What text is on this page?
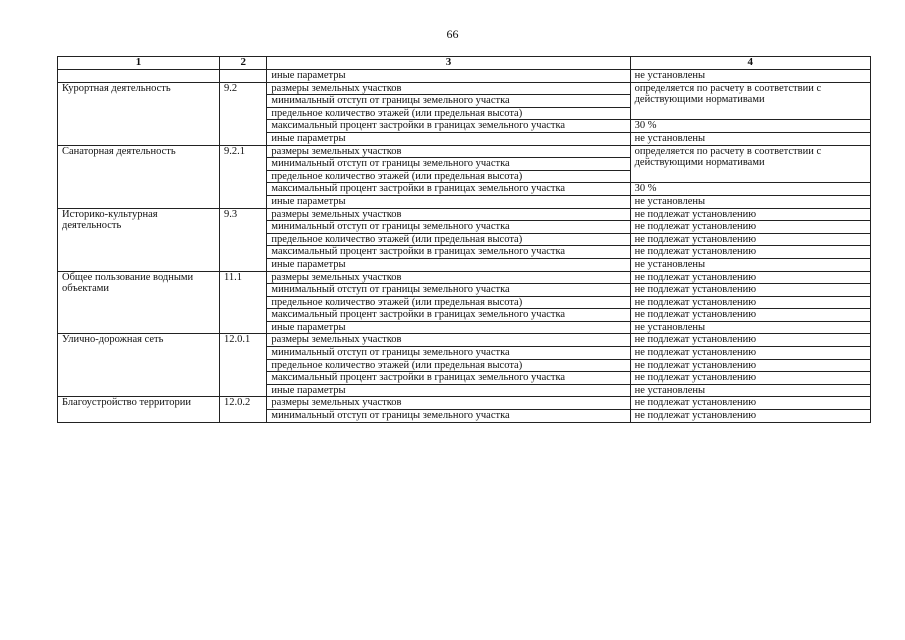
66
1	2	3	4
		иные параметры	не установлены
Курортная деятельность	9.2	размеры земельных участков	определяется по расчету в соответствии с действующими нормативами
		минимальный отступ от границы земельного участка	
		предельное количество этажей (или предельная высота)	
		максимальный процент застройки в границах земельного участка	30 %
		иные параметры	не установлены
Санаторная деятельность	9.2.1	размеры земельных участков	определяется по расчету в соответствии с действующими нормативами
		минимальный отступ от границы земельного участка	
		предельное количество этажей (или предельная высота)	
		максимальный процент застройки в границах земельного участка	30 %
		иные параметры	не установлены
Историко-культурная деятельность	9.3	размеры земельных участков	не подлежат установлению
		минимальный отступ от границы земельного участка	не подлежат установлению
		предельное количество этажей (или предельная высота)	не подлежат установлению
		максимальный процент застройки в границах земельного участка	не подлежат установлению
		иные параметры	не установлены
Общее пользование водными объектами	11.1	размеры земельных участков	не подлежат установлению
		минимальный отступ от границы земельного участка	не подлежат установлению
		предельное количество этажей (или предельная высота)	не подлежат установлению
		максимальный процент застройки в границах земельного участка	не подлежат установлению
		иные параметры	не установлены
Улично-дорожная сеть	12.0.1	размеры земельных участков	не подлежат установлению
		минимальный отступ от границы земельного участка	не подлежат установлению
		предельное количество этажей (или предельная высота)	не подлежат установлению
		максимальный процент застройки в границах земельного участка	не подлежат установлению
		иные параметры	не установлены
Благоустройство территории	12.0.2	размеры земельных участков	не подлежат установлению
		минимальный отступ от границы земельного участка	не подлежат установлению
